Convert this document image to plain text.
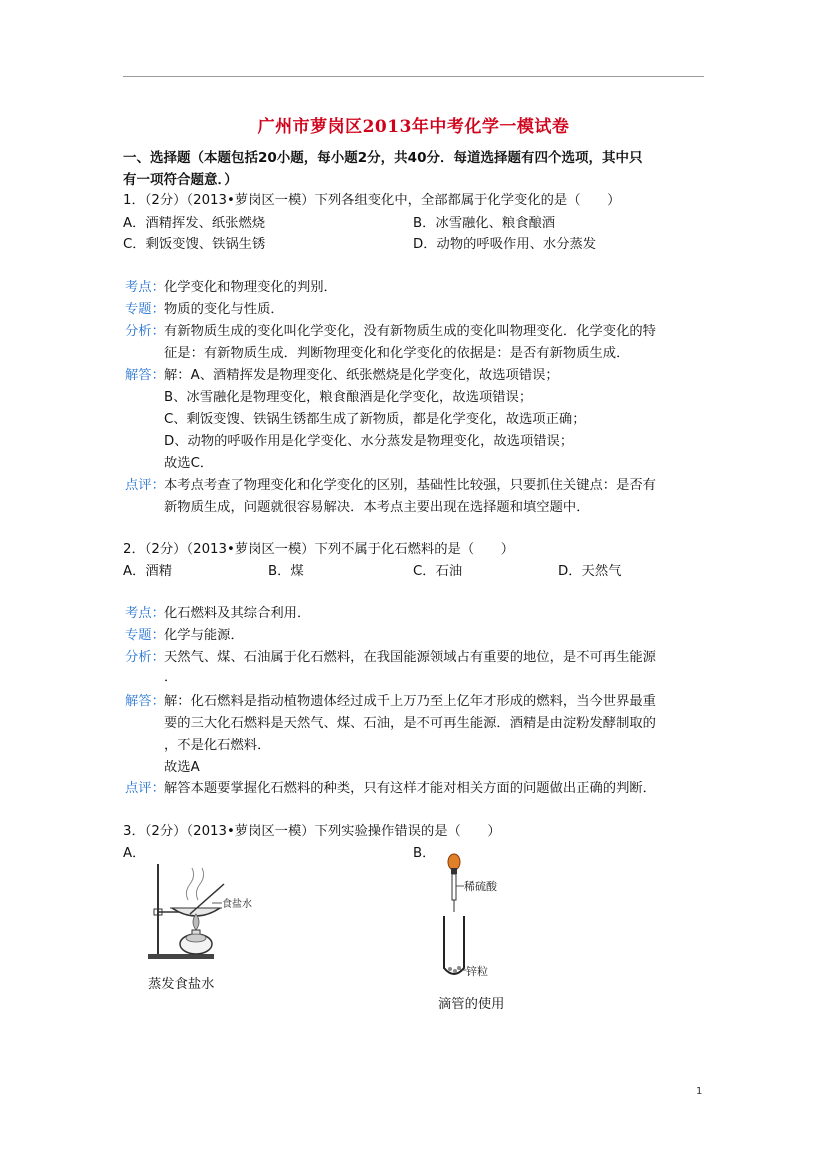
广州市萝岗区2013年中考化学一模试卷
一、选择题（本题包括20小题，每小题2分，共40分．每道选择题有四个选项，其中只
有一项符合题意．）
1．（2分）（2013•萝岗区一模）下列各组变化中，全部都属于化学变化的是（　　）
A．酒精挥发、纸张燃烧	B．冰雪融化、粮食酿酒
C．剩饭变馊、铁锅生锈	D．动物的呼吸作用、水分蒸发
考点： 化学变化和物理变化的判别．
专题： 物质的变化与性质．
分析： 有新物质生成的变化叫化学变化，没有新物质生成的变化叫物理变化．化学变化的特
征是：有新物质生成．判断物理变化和化学变化的依据是：是否有新物质生成．
解答： 解：A、酒精挥发是物理变化、纸张燃烧是化学变化，故选项错误；
B、冰雪融化是物理变化，粮食酿酒是化学变化，故选项错误；
C、剩饭变馊、铁锅生锈都生成了新物质，都是化学变化，故选项正确；
D、动物的呼吸作用是化学变化、水分蒸发是物理变化，故选项错误；
故选C．
点评： 本考点考查了物理变化和化学变化的区别，基础性比较强，只要抓住关键点：是否有
新物质生成，问题就很容易解决．本考点主要出现在选择题和填空题中．
2．（2分）（2013•萝岗区一模）下列不属于化石燃料的是（　　）
A．酒精	B．煤	C．石油	D．天然气
考点： 化石燃料及其综合利用．
专题： 化学与能源．
分析： 天然气、煤、石油属于化石燃料，在我国能源领域占有重要的地位，是不可再生能源
．
解答： 解：化石燃料是指动植物遗体经过成千上万乃至上亿年才形成的燃料，当今世界最重
要的三大化石燃料是天然气、煤、石油，是不可再生能源．酒精是由淀粉发酵制取的
，不是化石燃料．
故选A
点评： 解答本题要掌握化石燃料的种类，只有这样才能对相关方面的问题做出正确的判断．
3．（2分）（2013•萝岗区一模）下列实验操作错误的是（　　）
A．	B．
食盐水
蒸发食盐水
稀硫酸
锌粒
滴管的使用
1
